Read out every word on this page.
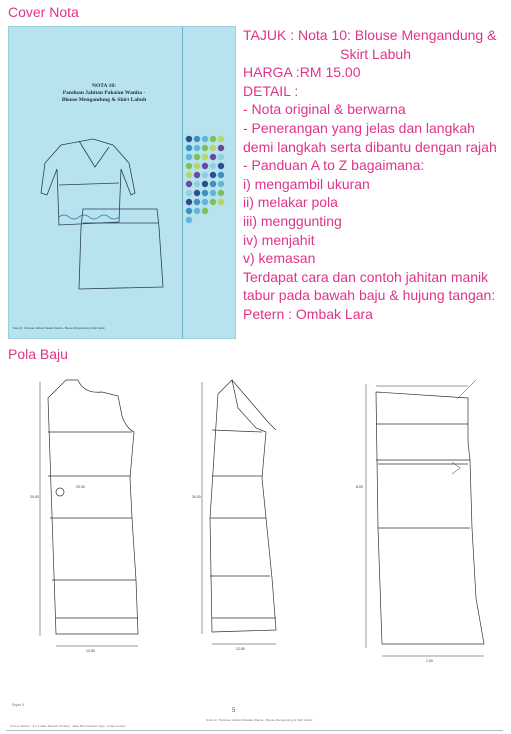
Cover Nota
NOTA 10:
Panduan Jahitan Pakaian Wanita -
Blouse Mengandung & Skirt Labuh
Nota 10 : Panduan Jahitan Pakaian Wanita - Blouse Mengandung & Skirt Labuh
TAJUK : Nota 10: Blouse Mengandung &
Skirt Labuh
HARGA :RM 15.00
DETAIL :
- Nota original & berwarna
- Penerangan yang jelas dan langkah
demi langkah serta dibantu dengan rajah
- Panduan A to Z bagaimana:
i) mengambil ukuran
ii) melakar pola
iii) menggunting
iv) menjahit
v) kemasan
Terdapat cara dan contoh jahitan manik
tabur pada bawah baju & hujung tangan:
Petern : Ombak Lara
Pola Baju
20.00
12.50
20.00
12.50
8.00
1.00
20.00
Rajah 5
5
Nota 10 : Panduan Jahitan Pakaian Wanita - Blouse Mengandung & Skirt Labuh
Kursus Jahitan : 4.1.3 Jalan Mewah, Pandan ; Jalan Baru Pandan Jaya ; Kuala Lumpur
